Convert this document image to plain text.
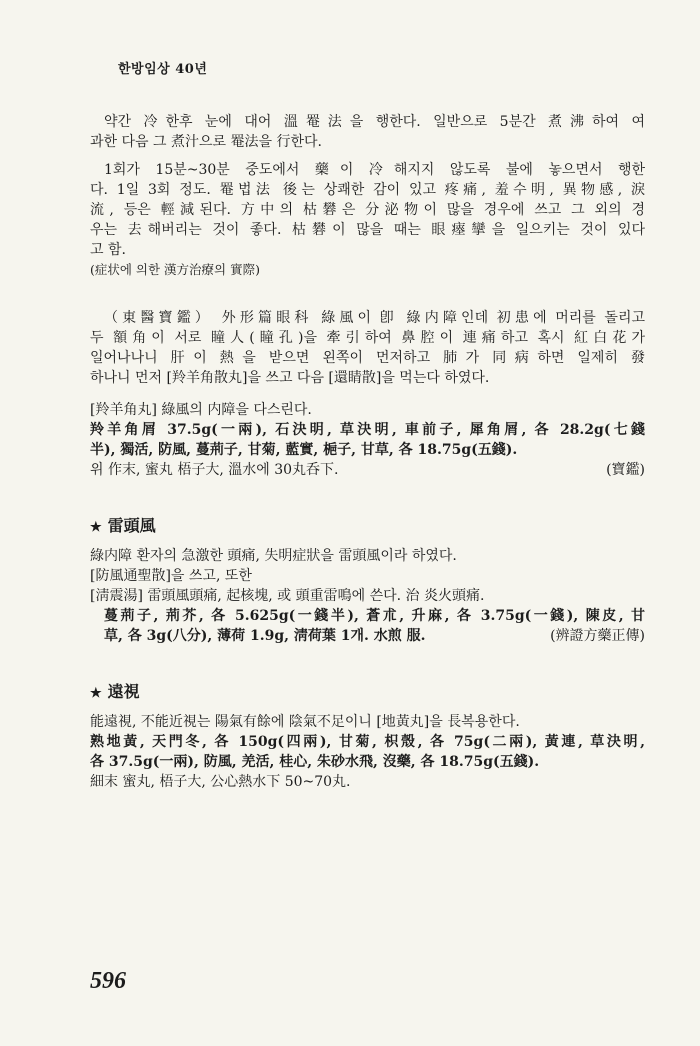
한방임상 40년
약간 冷한후 눈에 대어 溫罨法을 행한다. 일반으로 5분간 煮沸하여 여
과한 다음 그 煮汁으로 罨法을 行한다.
1회가 15분~30분 중도에서 藥이 冷해지지 않도록 불에 놓으면서 행한
다. 1일 3회 정도. 罨법法 後는 상쾌한 감이 있고 疼痛, 羞수明, 異物感, 淚
流, 등은 輕減된다. 方中의 枯礬은 分泌物이 많을 경우에 쓰고 그 외의 경
우는 去해버리는 것이 좋다. 枯礬이 많을 때는 眼瘞攣을 일으키는 것이 있다
고 함.
(症状에 의한 漢方治療의 實際)
（東醫寶鑑） 外形篇眼科 綠風이 卽 綠内障인데 初患에 머리를 돌리고
두 額角이 서로 瞳人(瞳孔)을 牽引하여 鼻腔이 連痛하고 혹시 紅白花가
일어나나니 肝이 熱을 받으면 왼쪽이 먼저하고 肺가 同病하면 일제히 發
하나니 먼저 [羚羊角散丸]을 쓰고 다음 [還睛散]을 먹는다 하였다.
[羚羊角丸] 綠風의 内障을 다스린다.
羚羊角屑 37.5g(一兩), 石決明, 草決明, 車前子, 犀角屑, 各 28.2g(七錢
半), 獨活, 防風, 蔓荊子, 甘菊, 藍實, 梔子, 甘草, 各 18.75g(五錢).
위 作末, 蜜丸 梧子大, 溫水에 30丸呑下.	(寶鑑)
★ 雷頭風
綠内障 환자의 急激한 頭痛, 失明症狀을 雷頭風이라 하였다.
[防風通聖散]을 쓰고, 또한
[淸震湯] 雷頭風頭痛, 起核塊, 或 頭重雷鳴에 쓴다. 治 炎火頭痛.
蔓荊子, 荊芥, 各 5.625g(一錢半), 蒼朮, 升麻, 各 3.75g(一錢), 陳皮, 甘
草, 各 3g(八分), 薄荷 1.9g, 淸荷葉 1개. 水煎 服.	(辨證方藥正傳)
★ 遠視
能遠視, 不能近視는 陽氣有餘에 陰氣不足이니 [地黃丸]을 長복용한다.
熟地黃, 天門冬, 各 150g(四兩), 甘菊, 枳殼, 各 75g(二兩), 黃連, 草決明,
各 37.5g(一兩), 防風, 羌活, 桂心, 朱砂水飛, 沒藥, 各 18.75g(五錢).
細末 蜜丸, 梧子大, 公心熱水下 50~70丸.
596
